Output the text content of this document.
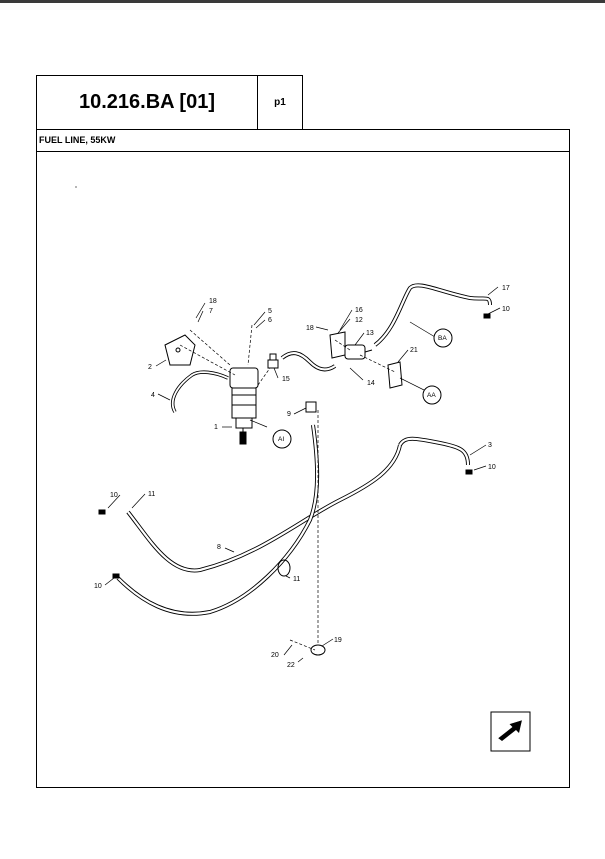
10.216.BA [01]	p1
FUEL LINE, 55KW
1
2
3
4
5
6
7
8
9
10
10
10
10
11
11
12
13
14
15
16
17
18
18
19
20
21
22
AI
AA
BA
